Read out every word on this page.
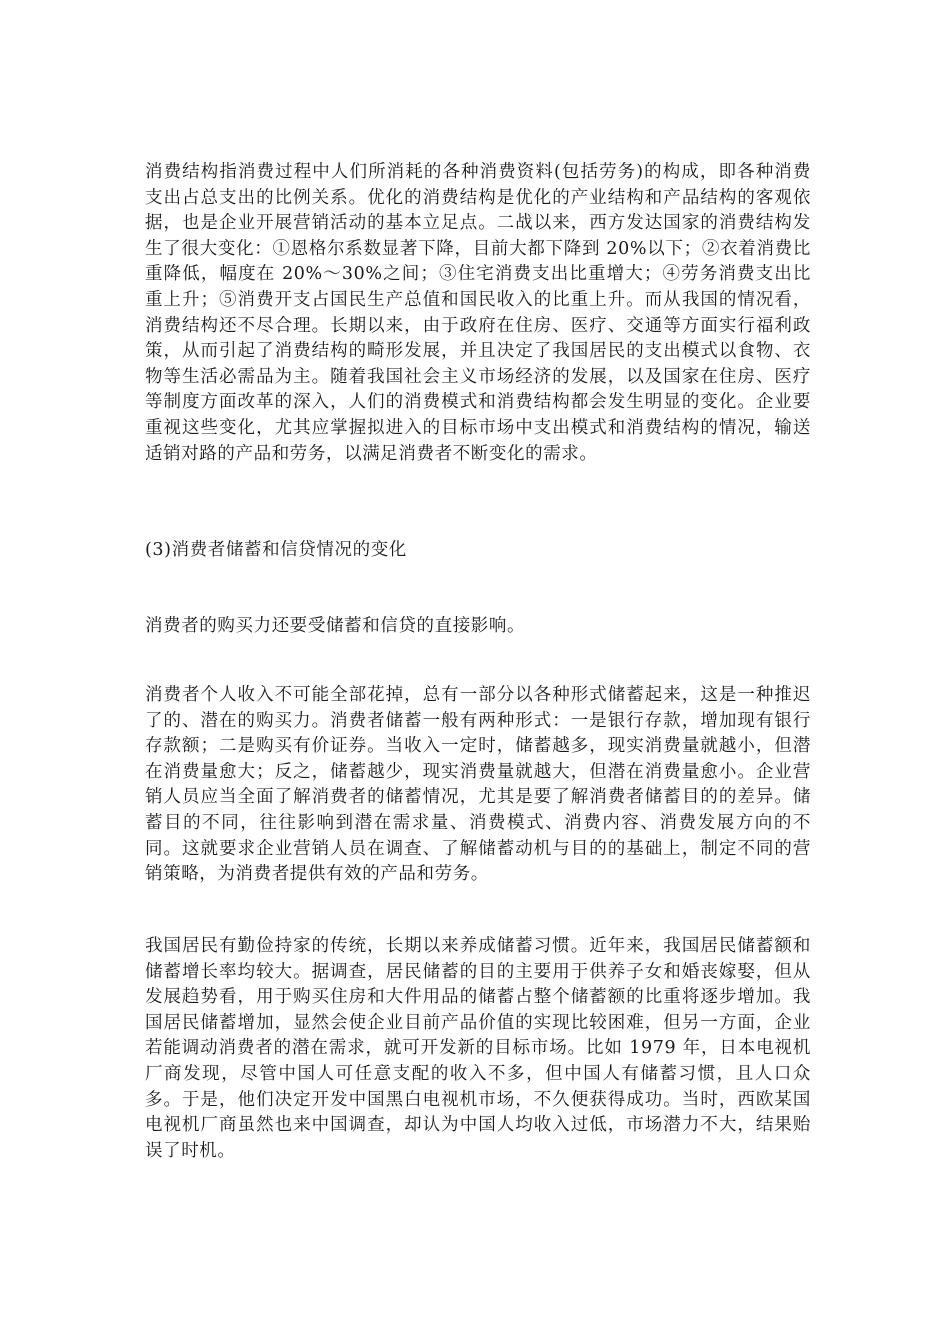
消费结构指消费过程中人们所消耗的各种消费资料(包括劳务)的构成，即各种消费支出占总支出的比例关系。优化的消费结构是优化的产业结构和产品结构的客观依据，也是企业开展营销活动的基本立足点。二战以来，西方发达国家的消费结构发生了很大变化：①恩格尔系数显著下降，目前大都下降到 20%以下；②衣着消费比重降低，幅度在 20%～30%之间；③住宅消费支出比重增大；④劳务消费支出比重上升；⑤消费开支占国民生产总值和国民收入的比重上升。而从我国的情况看，消费结构还不尽合理。长期以来，由于政府在住房、医疗、交通等方面实行福利政策，从而引起了消费结构的畸形发展，并且决定了我国居民的支出模式以食物、衣物等生活必需品为主。随着我国社会主义市场经济的发展，以及国家在住房、医疗等制度方面改革的深入，人们的消费模式和消费结构都会发生明显的变化。企业要重视这些变化，尤其应掌握拟进入的目标市场中支出模式和消费结构的情况，输送适销对路的产品和劳务，以满足消费者不断变化的需求。

(3)消费者储蓄和信贷情况的变化

消费者的购买力还要受储蓄和信贷的直接影响。

消费者个人收入不可能全部花掉，总有一部分以各种形式储蓄起来，这是一种推迟了的、潜在的购买力。消费者储蓄一般有两种形式：一是银行存款，增加现有银行存款额；二是购买有价证券。当收入一定时，储蓄越多，现实消费量就越小，但潜在消费量愈大；反之，储蓄越少，现实消费量就越大，但潜在消费量愈小。企业营销人员应当全面了解消费者的储蓄情况，尤其是要了解消费者储蓄目的的差异。储蓄目的不同，往往影响到潜在需求量、消费模式、消费内容、消费发展方向的不同。这就要求企业营销人员在调查、了解储蓄动机与目的的基础上，制定不同的营销策略，为消费者提供有效的产品和劳务。

我国居民有勤俭持家的传统，长期以来养成储蓄习惯。近年来，我国居民储蓄额和储蓄增长率均较大。据调查，居民储蓄的目的主要用于供养子女和婚丧嫁娶，但从发展趋势看，用于购买住房和大件用品的储蓄占整个储蓄额的比重将逐步增加。我国居民储蓄增加，显然会使企业目前产品价值的实现比较困难，但另一方面，企业若能调动消费者的潜在需求，就可开发新的目标市场。比如 1979 年，日本电视机厂商发现，尽管中国人可任意支配的收入不多，但中国人有储蓄习惯，且人口众多。于是，他们决定开发中国黑白电视机市场，不久便获得成功。当时，西欧某国电视机厂商虽然也来中国调查，却认为中国人均收入过低，市场潜力不大，结果贻误了时机。
